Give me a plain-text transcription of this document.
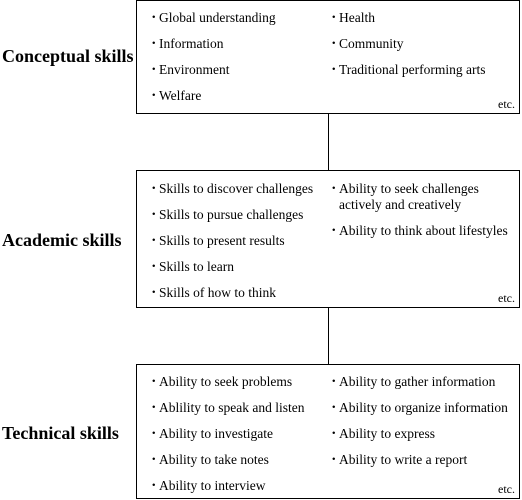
Conceptual skills
・
Global understanding
・
Information
・
Environment
・
Welfare
・
Health
・
Community
・
Traditional performing arts
etc.
Academic skills
・
Skills to discover challenges
・
Skills to pursue challenges
・
Skills to present results
・
Skills to learn
・
Skills of how to think
・
Ability to seek challenges actively and creatively
・
Ability to think about lifestyles
etc.
Technical skills
・
Ability to seek problems
・
Ablility to speak and listen
・
Ability to investigate
・
Ability to take notes
・
Ability to interview
・
Ability to gather information
・
Ability to organize information
・
Ability to express
・
Ability to write a report
etc.
